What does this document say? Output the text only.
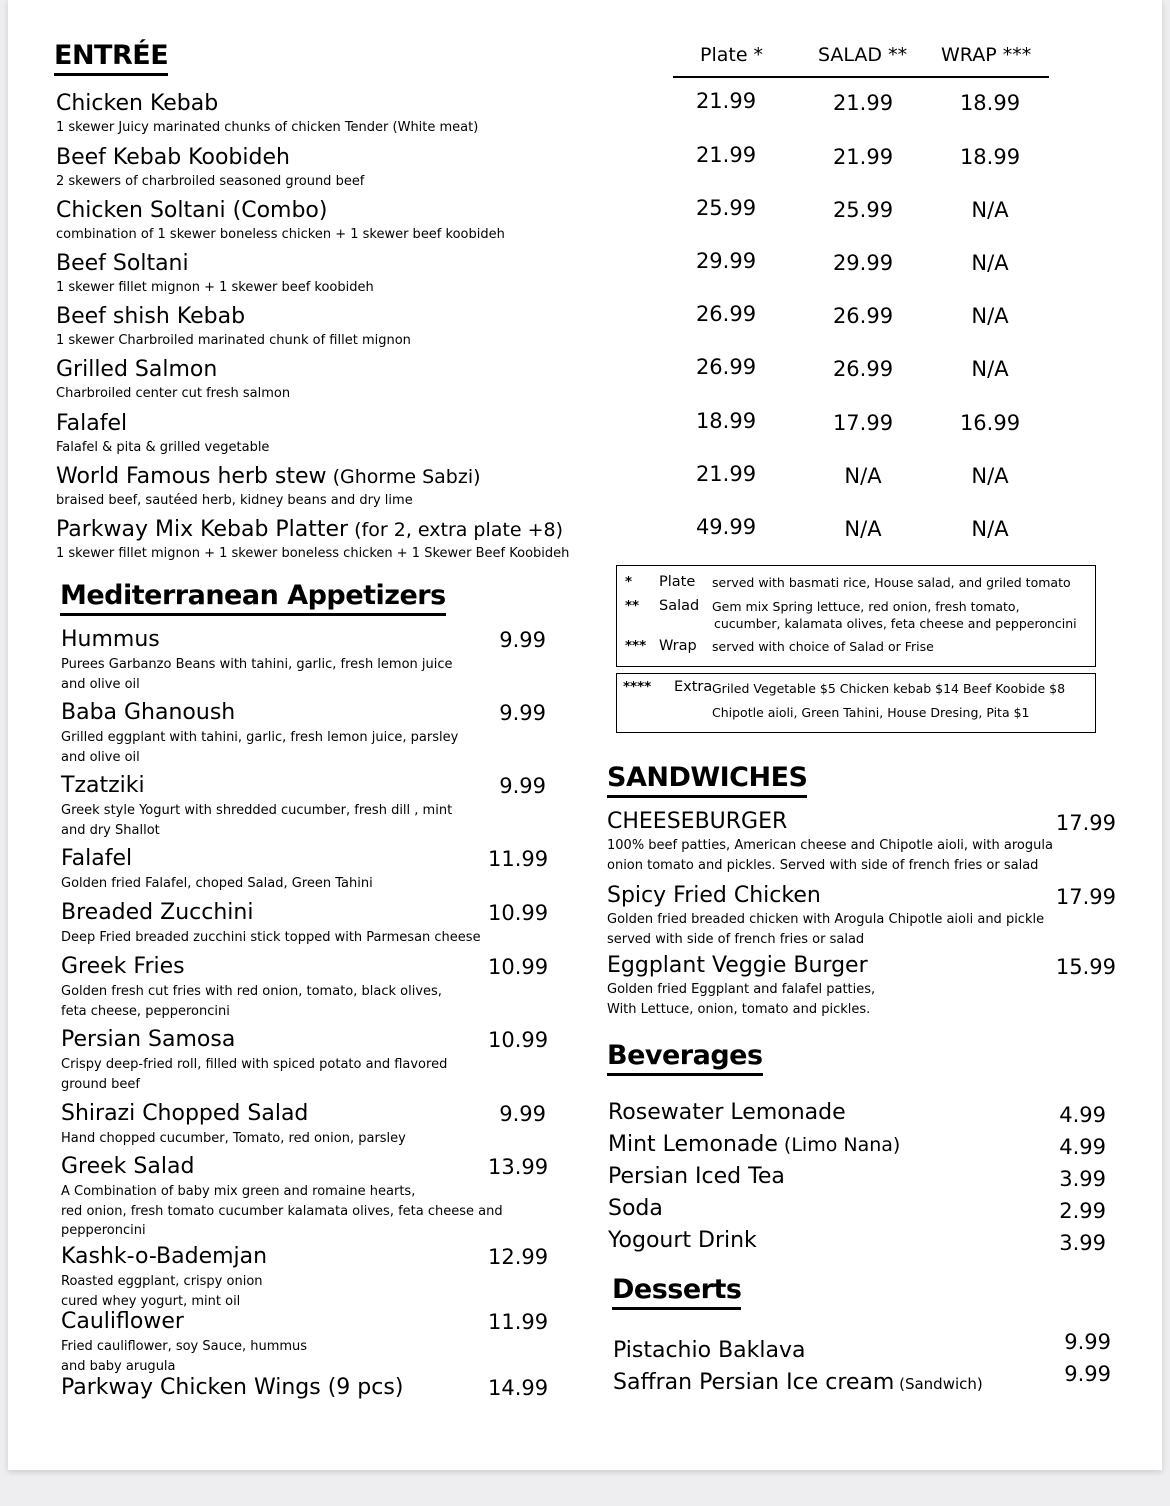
ENTRÉE	Plate *	SALAD ** WRAP ***
Chicken Kebab
1 skewer Juicy marinated chunks of chicken Tender (White meat)
21.99	21.99	18.99
Beef Kebab Koobideh
2 skewers of charbroiled seasoned ground beef
21.99	21.99	18.99
Chicken Soltani (Combo)
combination of 1 skewer boneless chicken + 1 skewer beef koobideh
25.99	25.99	N/A
Beef Soltani
1 skewer fillet mignon + 1 skewer beef koobideh
29.99	29.99	N/A
Beef shish Kebab
1 skewer Charbroiled marinated chunk of fillet mignon
26.99	26.99	N/A
Grilled Salmon
Charbroiled center cut fresh salmon
26.99	26.99	N/A
Falafel
Falafel & pita & grilled vegetable
18.99	17.99	16.99
World Famous herb stew (Ghorme Sabzi)
braised beef, sautéed herb, kidney beans and dry lime
21.99	N/A	N/A
Parkway Mix Kebab Platter (for 2, extra plate +8)
1 skewer fillet mignon + 1 skewer boneless chicken + 1 Skewer Beef Koobideh
49.99	N/A	N/A
* Plate served with basmati rice, House salad, and griled tomato
** Salad Gem mix Spring lettuce, red onion, fresh tomato,
cucumber, kalamata olives, feta cheese and pepperoncini
*** Wrap served with choice of Salad or Frise
**** Extra Griled Vegetable $5 Chicken kebab $14 Beef Koobide $8
Chipotle aioli, Green Tahini, House Dresing, Pita $1
Mediterranean Appetizers
Hummus	9.99
Purees Garbanzo Beans with tahini, garlic, fresh lemon juice
and olive oil
Baba Ghanoush	9.99
Grilled eggplant with tahini, garlic, fresh lemon juice, parsley
and olive oil
Tzatziki	9.99
Greek style Yogurt with shredded cucumber, fresh dill , mint
and dry Shallot
Falafel	11.99
Golden fried Falafel, choped Salad, Green Tahini
Breaded Zucchini	10.99
Deep Fried breaded zucchini stick topped with Parmesan cheese
Greek Fries	10.99
Golden fresh cut fries with red onion, tomato, black olives,
feta cheese, pepperoncini
Persian Samosa	10.99
Crispy deep-fried roll, filled with spiced potato and flavored
ground beef
Shirazi Chopped Salad	9.99
Hand chopped cucumber, Tomato, red onion, parsley
Greek Salad	13.99
A Combination of baby mix green and romaine hearts,
red onion, fresh tomato cucumber kalamata olives, feta cheese and
pepperoncini
Kashk-o-Bademjan	12.99
Roasted eggplant, crispy onion
cured whey yogurt, mint oil
Cauliflower	11.99
Fried cauliflower, soy Sauce, hummus
and baby arugula
Parkway Chicken Wings (9 pcs)	14.99
SANDWICHES
CHEESEBURGER	17.99
100% beef patties, American cheese and Chipotle aioli, with arogula
onion tomato and pickles. Served with side of french fries or salad
Spicy Fried Chicken	17.99
Golden fried breaded chicken with Arogula Chipotle aioli and pickle
served with side of french fries or salad
Eggplant Veggie Burger	15.99
Golden fried Eggplant and falafel patties,
With Lettuce, onion, tomato and pickles.
Beverages
Rosewater Lemonade	4.99
Mint Lemonade (Limo Nana)	4.99
Persian Iced Tea	3.99
Soda	2.99
Yogourt Drink	3.99
Desserts
Pistachio Baklava	9.99
Saffran Persian Ice cream (Sandwich)	9.99
